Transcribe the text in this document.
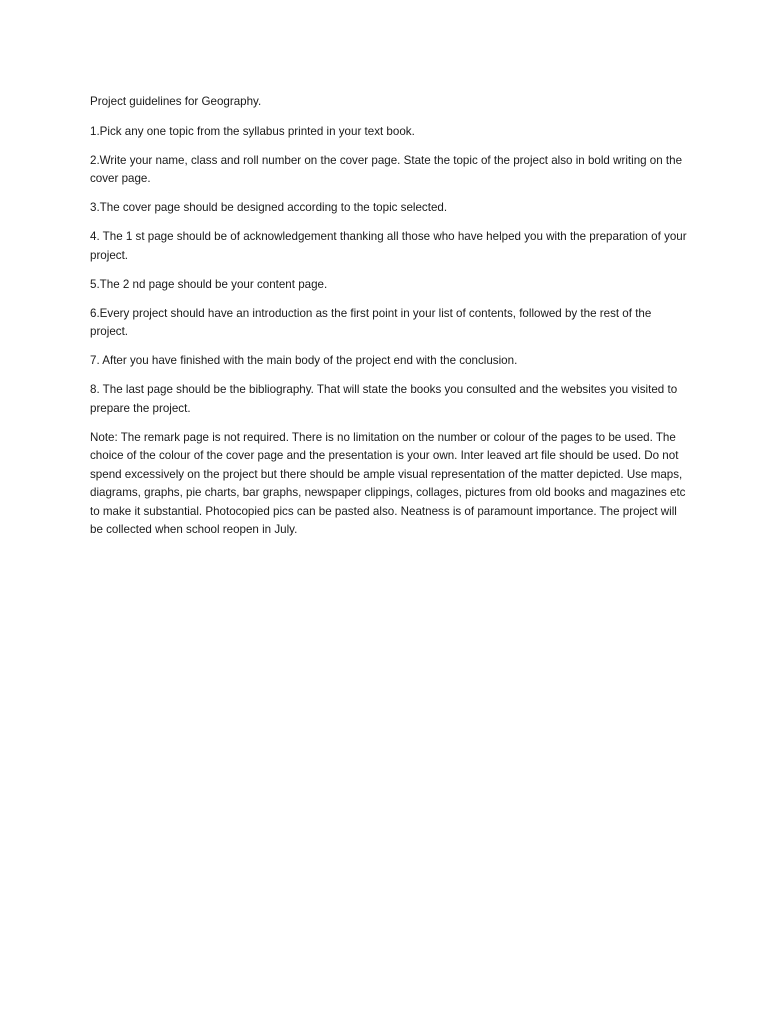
Project guidelines for Geography.

1.Pick any one topic from the syllabus printed in your text book.

2.Write your name, class and roll number on the cover page. State the topic of the project also in bold writing on the cover page.

3.The cover page should be designed according to the topic selected.

4. The 1 st page should be of acknowledgement thanking all those who have helped you with the preparation of your project.

5.The 2 nd page should be your content page.

6.Every project should have an introduction as the first point in your list of contents, followed by the rest of the project.

7. After you have finished with the main body of the project end with the conclusion.

8. The last page should be the bibliography. That will state the books you consulted and the websites you visited to prepare the project.

Note: The remark page is not required. There is no limitation on the number or colour of the pages to be used. The choice of the colour of the cover page and the presentation is your own. Inter leaved art file should be used. Do not spend excessively on the project but there should be ample visual representation of the matter depicted. Use maps, diagrams, graphs, pie charts, bar graphs, newspaper clippings, collages, pictures from old books and magazines etc to make it substantial. Photocopied pics can be pasted also. Neatness is of paramount importance. The project will be collected when school reopen in July.
